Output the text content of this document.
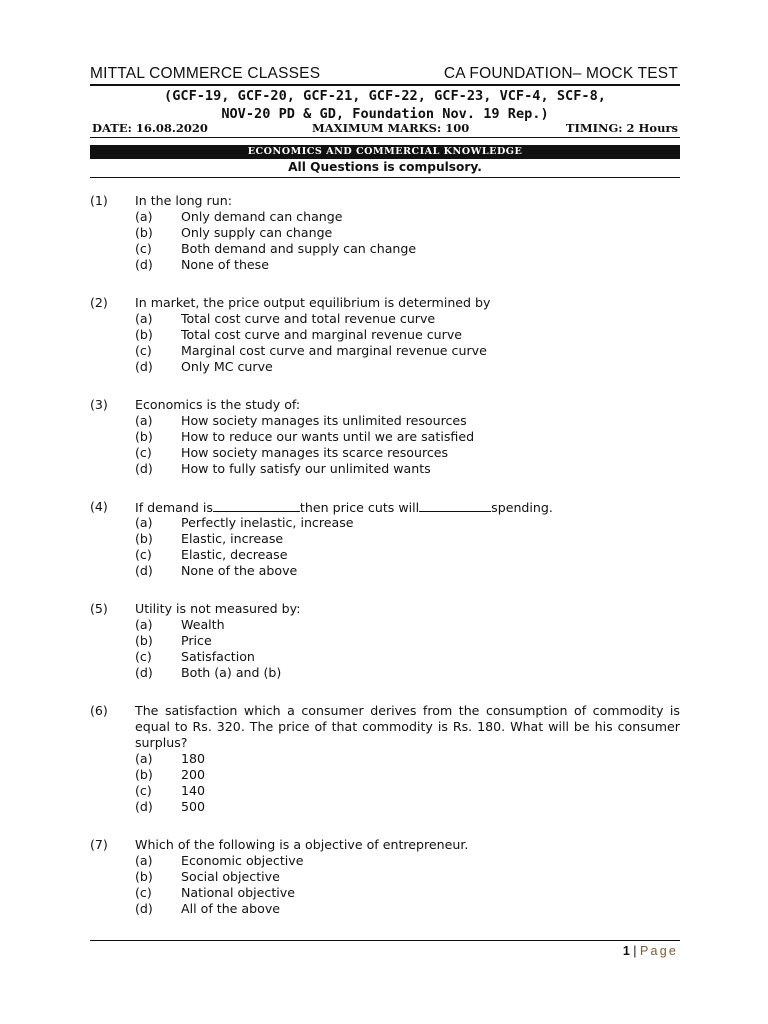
MITTAL COMMERCE CLASSES	CA FOUNDATION– MOCK TEST
(GCF-19, GCF-20, GCF-21, GCF-22, GCF-23, VCF-4, SCF-8,
NOV-20 PD & GD, Foundation Nov. 19 Rep.)
DATE: 16.08.2020	MAXIMUM MARKS: 100	TIMING: 2 Hours
ECONOMICS AND COMMERCIAL KNOWLEDGE
All Questions is compulsory.
(1) In the long run:
(a) Only demand can change
(b) Only supply can change
(c) Both demand and supply can change
(d) None of these
(2) In market, the price output equilibrium is determined by
(a) Total cost curve and total revenue curve
(b) Total cost curve and marginal revenue curve
(c) Marginal cost curve and marginal revenue curve
(d) Only MC curve
(3) Economics is the study of:
(a) How society manages its unlimited resources
(b) How to reduce our wants until we are satisfied
(c) How society manages its scarce resources
(d) How to fully satisfy our unlimited wants
(4) If demand is	then price cuts will	spending.
(a) Perfectly inelastic, increase
(b) Elastic, increase
(c) Elastic, decrease
(d) None of the above
(5) Utility is not measured by:
(a) Wealth
(b) Price
(c) Satisfaction
(d) Both (a) and (b)
(6) The satisfaction which a consumer derives from the consumption of commodity is equal to Rs. 320. The price of that commodity is Rs. 180. What will be his consumer surplus?
(a) 180
(b) 200
(c) 140
(d) 500
(7) Which of the following is a objective of entrepreneur.
(a) Economic objective
(b) Social objective
(c) National objective
(d) All of the above
1 | Page
